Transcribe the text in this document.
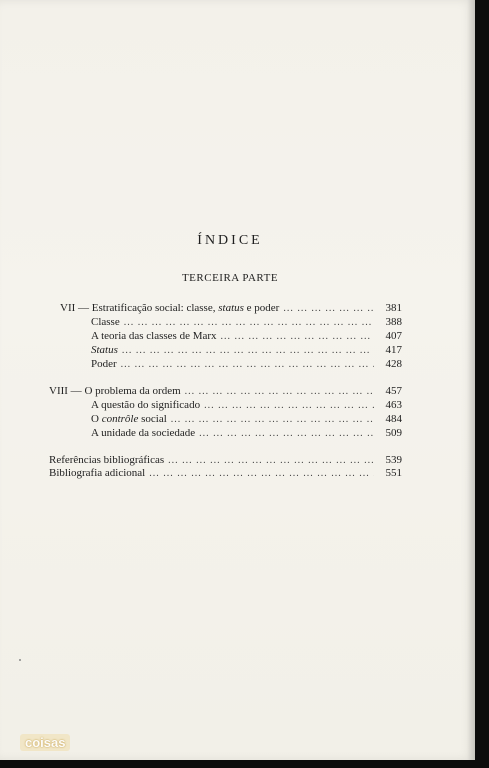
ÍNDICE
TERCEIRA PARTE
VII — Estratificação social: classe, status e poder ... .	381
Classe ... .	388
A teoria das classes de Marx ... .	407
Status ... .	417
Poder ... .	428
VIII — O problema da ordem ... .	457
A questão do significado ... .	463
O contrôle social ... .	484
A unidade da sociedade ... .	509
Referências bibliográficas ... .	539
Bibliografia adicional ... .	551
coisas
